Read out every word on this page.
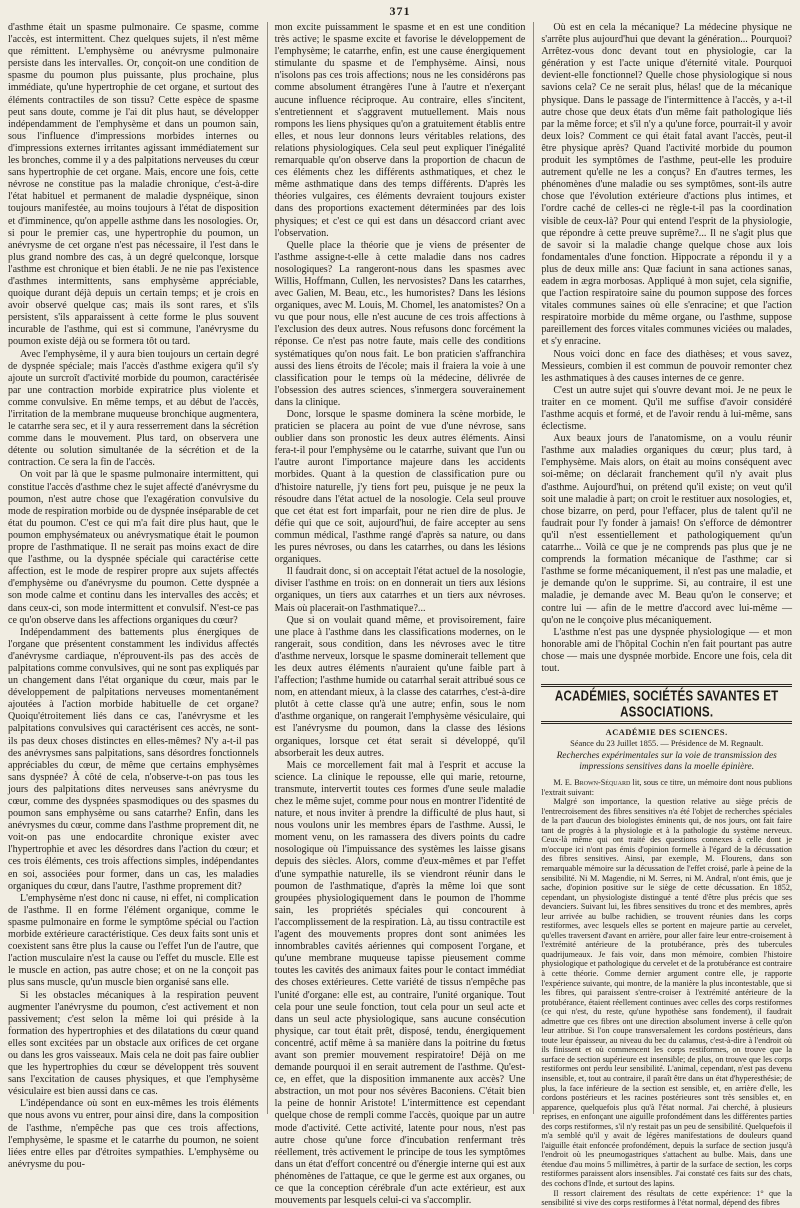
371

d'asthme était un spasme pulmonaire. Ce spasme, comme l'accès, est intermittent. Chez quelques sujets, il n'est même que rémittent. L'emphysème ou anévrysme pulmonaire persiste dans les intervalles. Or, conçoit-on une condition de spasme du poumon plus puissante, plus prochaine, plus immédiate, qu'une hypertrophie de cet organe, et surtout des éléments contractiles de son tissu? Cette espèce de spasme peut sans doute, comme je l'ai dit plus haut, se développer indépendamment de l'emphysème et dans un poumon sain, sous l'influence d'impressions morbides internes ou d'impressions externes irritantes agissant immédiatement sur les bronches, comme il y a des palpitations nerveuses du cœur sans hypertrophie de cet organe. Mais, encore une fois, cette névrose ne constitue pas la maladie chronique, c'est-à-dire l'état habituel et permanent de maladie dyspnéique, sinon toujours manifestée, au moins toujours à l'état de disposition et d'imminence, qu'on appelle asthme dans les nosologies. Or, si pour le premier cas, une hypertrophie du poumon, un anévrysme de cet organe n'est pas nécessaire, il l'est dans le plus grand nombre des cas, à un degré quelconque, lorsque l'asthme est chronique et bien établi. Je ne nie pas l'existence d'asthmes intermittents, sans emphysème appréciable, quoique durant déjà depuis un certain temps; et je crois en avoir observé quelque cas; mais ils sont rares, et s'ils persistent, s'ils apparaissent à cette forme le plus souvent incurable de l'asthme, qui est si commune, l'anévrysme du poumon existe déjà ou se formera tôt ou tard.

Avec l'emphysème, il y aura bien toujours un certain degré de dyspnée spéciale; mais l'accès d'asthme exigera qu'il s'y ajoute un surcroît d'activité morbide du poumon, caractérisée par une contraction morbide expiratrice plus violente et comme convulsive. En même temps, et au début de l'accès, l'irritation de la membrane muqueuse bronchique augmentera, le catarrhe sera sec, et il y aura resserrement dans la sécrétion comme dans le mouvement. Plus tard, on observera une détente ou solution simultanée de la sécrétion et de la contraction. Ce sera la fin de l'accès.

On voit par là que le spasme pulmonaire intermittent, qui constitue l'accès d'asthme chez le sujet affecté d'anévrysme du poumon, n'est autre chose que l'exagération convulsive du mode de respiration morbide ou de dyspnée inséparable de cet état du poumon. C'est ce qui m'a fait dire plus haut, que le poumon emphysémateux ou anévrysmatique était le poumon propre de l'asthmatique. Il ne serait pas moins exact de dire que l'asthme, ou la dyspnée spéciale qui caractérise cette affection, est le mode de respirer propre aux sujets affectés d'emphysème ou d'anévrysme du poumon. Cette dyspnée a son mode calme et continu dans les intervalles des accès; et dans ceux-ci, son mode intermittent et convulsif. N'est-ce pas ce qu'on observe dans les affections organiques du cœur?

Indépendamment des battements plus énergiques de l'organe que présentent constamment les individus affectés d'anévrysme cardiaque, n'éprouvent-ils pas des accès de palpitations comme convulsives, qui ne sont pas expliqués par un changement dans l'état organique du cœur, mais par le développement de palpitations nerveuses momentanément ajoutées à l'action morbide habituelle de cet organe? Quoiqu'étroitement liés dans ce cas, l'anévrysme et les palpitations convulsives qui caractérisent ces accès, ne sont-ils pas deux choses distinctes en elles-mêmes? N'y a-t-il pas des anévrysmes sans palpitations, sans désordres fonctionnels appréciables du cœur, de même que certains emphysèmes sans dyspnée? À côté de cela, n'observe-t-on pas tous les jours des palpitations dites nerveuses sans anévrysme du cœur, comme des dyspnées spasmodiques ou des spasmes du poumon sans emphysème ou sans catarrhe? Enfin, dans les anévrysmes du cœur, comme dans l'asthme proprement dit, ne voit-on pas une endocardite chronique exister avec l'hypertrophie et avec les désordres dans l'action du cœur; et ces trois éléments, ces trois affections simples, indépendantes en soi, associées pour former, dans un cas, les maladies organiques du cœur, dans l'autre, l'asthme proprement dit?

L'emphysème n'est donc ni cause, ni effet, ni complication de l'asthme. Il en forme l'élément organique, comme le spasme pulmonaire en forme le symptôme spécial ou l'action morbide extérieure caractéristique. Ces deux faits sont unis et coexistent sans être plus la cause ou l'effet l'un de l'autre, que l'action musculaire n'est la cause ou l'effet du muscle. Elle est le muscle en action, pas autre chose; et on ne la conçoit pas plus sans muscle, qu'un muscle bien organisé sans elle.

Si les obstacles mécaniques à la respiration peuvent augmenter l'anévrysme du poumon, c'est activement et non passivement; c'est selon la même loi qui préside à la formation des hypertrophies et des dilatations du cœur quand elles sont excitées par un obstacle aux orifices de cet organe ou dans les gros vaisseaux. Mais cela ne doit pas faire oublier que les hypertrophies du cœur se développent très souvent sans l'excitation de causes physiques, et que l'emphysème vésiculaire est bien aussi dans ce cas.

L'indépendance où sont en eux-mêmes les trois éléments que nous avons vu entrer, pour ainsi dire, dans la composition de l'asthme, n'empêche pas que ces trois affections, l'emphysème, le spasme et le catarrhe du poumon, ne soient liées entre elles par d'étroites sympathies. L'emphysème ou anévrysme du pou-

mon excite puissamment le spasme et en est une condition très active; le spasme excite et favorise le développement de l'emphysème; le catarrhe, enfin, est une cause énergiquement stimulante du spasme et de l'emphysème. Ainsi, nous n'isolons pas ces trois affections; nous ne les considérons pas comme absolument étrangères l'une à l'autre et n'exerçant aucune influence réciproque. Au contraire, elles s'incitent, s'entretiennent et s'aggravent mutuellement. Mais nous rompons les liens physiques qu'on a gratuitement établis entre elles, et nous leur donnons leurs véritables relations, des relations physiologiques. Cela seul peut expliquer l'inégalité remarquable qu'on observe dans la proportion de chacun de ces éléments chez les différents asthmatiques, et chez le même asthmatique dans des temps différents. D'après les théories vulgaires, ces éléments devraient toujours exister dans des proportions exactement déterminées par des lois physiques; et c'est ce qui est dans un désaccord criant avec l'observation.

Quelle place la théorie que je viens de présenter de l'asthme assigne-t-elle à cette maladie dans nos cadres nosologiques? La rangeront-nous dans les spasmes avec Willis, Hoffmann, Cullen, les nervosistes? Dans les catarrhes, avec Galien, M. Beau, etc., les humoristes? Dans les lésions organiques, avec M. Louis, M. Chomel, les anatomistes? On a vu que pour nous, elle n'est aucune de ces trois affections à l'exclusion des deux autres. Nous refusons donc forcément la réponse. Ce n'est pas notre faute, mais celle des conditions systématiques qu'on nous fait. Le bon praticien s'affranchira aussi des liens étroits de l'école; mais il fraiera la voie à une classification pour le temps où la médecine, délivrée de l'obsession des autres sciences, s'inmergera souverainement dans la clinique.

Donc, lorsque le spasme dominera la scène morbide, le praticien se placera au point de vue d'une névrose, sans oublier dans son pronostic les deux autres éléments. Ainsi fera-t-il pour l'emphysème ou le catarrhe, suivant que l'un ou l'autre auront l'importance majeure dans les accidents morbides. Quant à la question de classification pure ou d'histoire naturelle, j'y tiens fort peu, puisque je ne peux la résoudre dans l'état actuel de la nosologie. Cela seul prouve que cet état est fort imparfait, pour ne rien dire de plus. Je défie qui que ce soit, aujourd'hui, de faire accepter au sens commun médical, l'asthme rangé d'après sa nature, ou dans les pures névroses, ou dans les catarrhes, ou dans les lésions organiques.

Il faudrait donc, si on acceptait l'état actuel de la nosologie, diviser l'asthme en trois: on en donnerait un tiers aux lésions organiques, un tiers aux catarrhes et un tiers aux névroses. Mais où placerait-on l'asthmatique?...

Que si on voulait quand même, et provisoirement, faire une place à l'asthme dans les classifications modernes, on le rangerait, sous condition, dans les névroses avec le titre d'asthme nerveux, lorsque le spasme dominerait tellement que les deux autres éléments n'auraient qu'une faible part à l'affection; l'asthme humide ou catarrhal serait attribué sous ce nom, en attendant mieux, à la classe des catarrhes, c'est-à-dire plutôt à cette classe qu'à une autre; enfin, sous le nom d'asthme organique, on rangerait l'emphysème vésiculaire, qui est l'anévrysme du poumon, dans la classe des lésions organiques, lorsque cet état serait si développé, qu'il absorberait les deux autres.

Mais ce morcellement fait mal à l'esprit et accuse la science. La clinique le repousse, elle qui marie, retourne, transmute, intervertit toutes ces formes d'une seule maladie chez le même sujet, comme pour nous en montrer l'identité de nature, et nous inviter à prendre la difficulté de plus haut, si nous voulons unir les membres épars de l'asthme. Aussi, le moment venu, on les ramassera des divers points du cadre nosologique où l'impuissance des systèmes les laisse gisans depuis des siècles. Alors, comme d'eux-mêmes et par l'effet d'une sympathie naturelle, ils se viendront réunir dans le poumon de l'asthmatique, d'après la même loi que sont groupées physiologiquement dans le poumon de l'homme sain, les propriétés spéciales qui concourent à l'accomplissement de la respiration. Là, au tissu contractile est l'agent des mouvements propres dont sont animées les innombrables cavités aériennes qui composent l'organe, et qu'une membrane muqueuse tapisse pieusement comme toutes les cavités des animaux faites pour le contact immédiat des choses extérieures. Cette variété de tissus n'empêche pas l'unité d'organe: elle est, au contraire, l'unité organique. Tout cela pour une seule fonction, tout cela pour un seul acte et dans un seul acte physiologique, sans aucune consécution physique, car tout était prêt, disposé, tendu, énergiquement concentré, actif même à sa manière dans la poitrine du fœtus avant son premier mouvement respiratoire! Déjà on me demande pourquoi il en serait autrement de l'asthme. Qu'est-ce, en effet, que la disposition immanente aux accès? Une abstraction, un mot pour nos sévères Baconiens. C'était bien la peine de honnir Aristote! L'intermittence est cependant quelque chose de rempli comme l'accès, quoique par un autre mode d'activité. Cette activité, latente pour nous, n'est pas autre chose qu'une force d'incubation renfermant très réellement, très activement le principe de tous les symptômes dans un état d'effort concentré ou d'énergie interne qui est aux phénomènes de l'attaque, ce que le germe est aux organes, ou ce que la conception cérébrale d'un acte extérieur, est aux mouvements par lesquels celui-ci va s'accomplir.

Où est en cela la mécanique? La médecine physique ne s'arrête plus aujourd'hui que devant la génération... Pourquoi? Arrêtez-vous donc devant tout en physiologie, car la génération y est l'acte unique d'éternité vitale. Pourquoi devient-elle fonctionnel? Quelle chose physiologique si nous savions cela? Ce ne serait plus, hélas! que de la mécanique physique. Dans le passage de l'intermittence à l'accès, y a-t-il autre chose que deux états d'un même fait pathologique liés par la même force; et s'il n'y a qu'une force, pourrait-il y avoir deux lois? Comment ce qui était fatal avant l'accès, peut-il être physique après? Quand l'activité morbide du poumon produit les symptômes de l'asthme, peut-elle les produire autrement qu'elle ne les a conçus? En d'autres termes, les phénomènes d'une maladie ou ses symptômes, sont-ils autre chose que l'évolution extérieure d'actions plus intimes, et l'ordre caché de celles-ci ne règle-t-il pas la coordination visible de ceux-là? Pour qui entend l'esprit de la physiologie, que répondre à cette preuve suprême?... Il ne s'agit plus que de savoir si la maladie change quelque chose aux lois fondamentales d'une fonction. Hippocrate a répondu il y a plus de deux mille ans: Quæ faciunt in sana actiones sanas, eadem in ægra morbosas. Appliqué à mon sujet, cela signifie, que l'action respiratoire saine du poumon suppose des forces vitales communes saines où elle s'enracine; et que l'action respiratoire morbide du même organe, ou l'asthme, suppose pareillement des forces vitales communes viciées ou malades, et s'y enracine.

Nous voici donc en face des diathèses; et vous savez, Messieurs, combien il est commun de pouvoir remonter chez les asthmatiques à des causes internes de ce genre.

C'est un autre sujet qui s'ouvre devant moi. Je ne peux le traiter en ce moment. Qu'il me suffise d'avoir considéré l'asthme acquis et formé, et de l'avoir rendu à lui-même, sans éclectisme.

Aux beaux jours de l'anatomisme, on a voulu réunir l'asthme aux maladies organiques du cœur; plus tard, à l'emphysème. Mais alors, on était au moins conséquent avec soi-même; on déclarait franchement qu'il n'y avait plus d'asthme. Aujourd'hui, on prétend qu'il existe; on veut qu'il soit une maladie à part; on croit le restituer aux nosologies, et, chose bizarre, on perd, pour l'effacer, plus de talent qu'il ne faudrait pour l'y fonder à jamais! On s'efforce de démontrer qu'il n'est essentiellement et pathologiquement qu'un catarrhe... Voilà ce que je ne comprends pas plus que je ne comprends la formation mécanique de l'asthme; car si l'asthme se forme mécaniquement, il n'est pas une maladie, et je demande qu'on le supprime. Si, au contraire, il est une maladie, je demande avec M. Beau qu'on le conserve; et contre lui — afin de le mettre d'accord avec lui-même — qu'on ne le conçoive plus mécaniquement.

L'asthme n'est pas une dyspnée physiologique — et mon honorable ami de l'hôpital Cochin n'en fait pourtant pas autre chose — mais une dyspnée morbide. Encore une fois, cela dit tout.

ACADÉMIES, SOCIÉTÉS SAVANTES ET ASSOCIATIONS.
ACADÉMIE DES SCIENCES.
Séance du 23 Juillet 1855. — Présidence de M. Regnault.
Recherches expérimentales sur la voie de transmission des impressions sensitives dans la moelle épinière.

M. E. Brown-Séquard lit, sous ce titre, un mémoire dont nous publions l'extrait suivant:

Malgré son importance, la question relative au siège précis de l'entrecroisement des fibres sensitives n'a été l'objet de recherches spéciales de la part d'aucun des biologistes éminents qui, de nos jours, ont fait faire tant de progrès à la physiologie et à la pathologie du système nerveux. Ceux-là même qui ont traité des questions connexes à celle dont je m'occupe ici n'ont pas émis d'opinion formelle à l'égard de la décussation des fibres sensitives. Ainsi, par exemple, M. Flourens, dans son remarquable mémoire sur la décussation de l'effet croisé, parle à peine de la sensibilité. Ni M. Magendie, ni M. Serres, ni M. Andral, n'ont émis, que je sache, d'opinion positive sur le siège de cette décussation. En 1852, cependant, un physiologiste distingué a tenté d'être plus précis que ses devanciers. Suivant lui, les fibres sensitives du tronc et des membres, après leur arrivée au bulbe rachidien, se trouvent réunies dans les corps restiformes, avec lesquels elles se portent en majeure partie au cervelet, qu'elles traversent d'avant en arrière, pour aller faire leur entre-croisement à l'extrémité antérieure de la protubérance, près des tubercules quadrijumeaux. Je fais voir, dans mon mémoire, combien l'histoire physiologique et pathologique du cervelet et de la protubérance est contraire à cette théorie. Comme dernier argument contre elle, je rapporte l'expérience suivante, qui montre, de la manière la plus incontestable, que si les fibres, qui paraissent s'entre-croiser à l'extrémité antérieure de la protubérance, étaient réellement continues avec celles des corps restiformes (ce qui n'est, du reste, qu'une hypothèse sans fondement), il faudrait admettre que ces fibres ont une direction absolument inverse à celle qu'on leur attribue. Si l'on coupe transversalement les cordons postérieurs, dans toute leur épaisseur, au niveau du bec du calamus, c'est-à-dire à l'endroit où ils finissent et où commencent les corps restiformes, on trouve que la surface de section supérieure est insensible; de plus, on trouve que les corps restiformes ont perdu leur sensibilité. L'animal, cependant, n'est pas devenu insensible, et, tout au contraire, il paraît être dans un état d'hyperesthésie; de plus, la face inférieure de la section est sensible, et, en arrière d'elle, les cordons postérieurs et les racines postérieures sont très sensibles et, en apparence, quelquefois plus qu'à l'état normal. J'ai cherché, à plusieurs reprises, en enfonçant une aiguille profondément dans les différentes parties des corps restiformes, s'il n'y restait pas un peu de sensibilité. Quelquefois il m'a semblé qu'il y avait de légères manifestations de douleurs quand l'aiguille était enfoncée profondément, depuis la surface de section jusqu'à l'endroit où les pneumogastriques s'attachent au bulbe. Mais, dans une étendue d'au moins 5 millimètres, à partir de la surface de section, les corps restiformes paraissent alors insensibles. J'ai constaté ces faits sur des chats, des cochons d'Inde, et surtout des lapins.

Il ressort clairement des résultats de cette expérience: 1° que la sensibilité si vive des corps restiformes à l'état normal, dépend des fibres
